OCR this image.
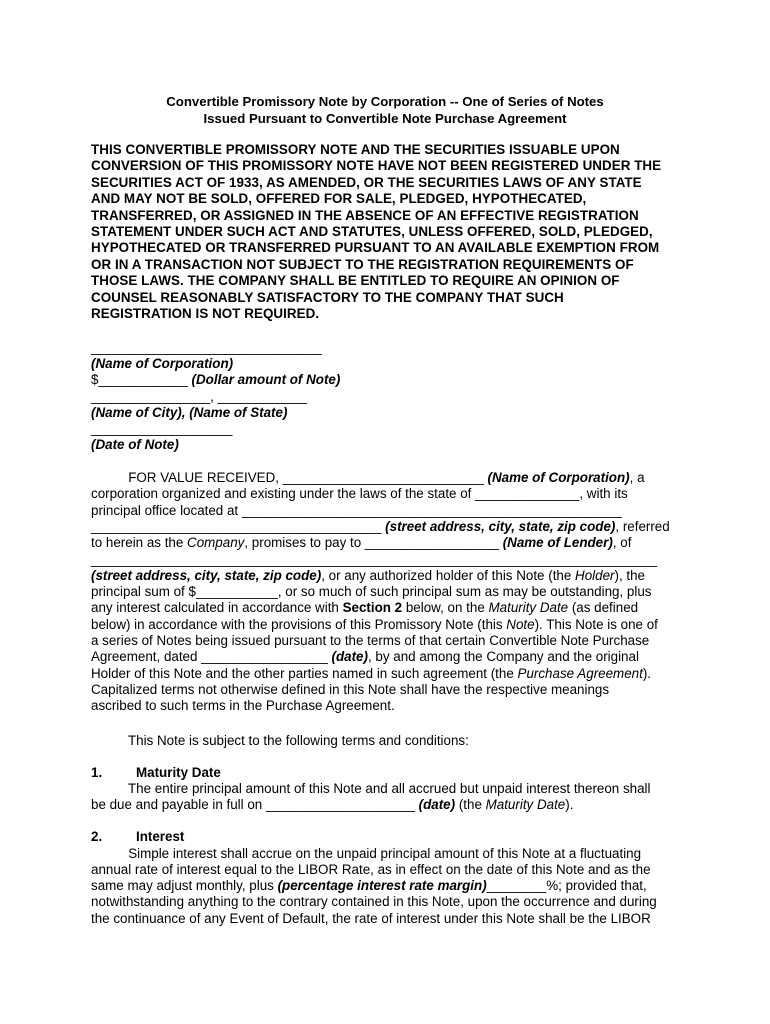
Convertible Promissory Note by Corporation -- One of Series of Notes
Issued Pursuant to Convertible Note Purchase Agreement
THIS CONVERTIBLE PROMISSORY NOTE AND THE SECURITIES ISSUABLE UPON
CONVERSION OF THIS PROMISSORY NOTE HAVE NOT BEEN REGISTERED UNDER THE
SECURITIES ACT OF 1933, AS AMENDED, OR THE SECURITIES LAWS OF ANY STATE
AND MAY NOT BE SOLD, OFFERED FOR SALE, PLEDGED, HYPOTHECATED,
TRANSFERRED, OR ASSIGNED IN THE ABSENCE OF AN EFFECTIVE REGISTRATION
STATEMENT UNDER SUCH ACT AND STATUTES, UNLESS OFFERED, SOLD, PLEDGED,
HYPOTHECATED OR TRANSFERRED PURSUANT TO AN AVAILABLE EXEMPTION FROM
OR IN A TRANSACTION NOT SUBJECT TO THE REGISTRATION REQUIREMENTS OF
THOSE LAWS. THE COMPANY SHALL BE ENTITLED TO REQUIRE AN OPINION OF
COUNSEL REASONABLY SATISFACTORY TO THE COMPANY THAT SUCH
REGISTRATION IS NOT REQUIRED.
_______________________________
(Name of Corporation)
$____________ (Dollar amount of Note)
________________, ____________
(Name of City), (Name of State)
___________________
(Date of Note)
FOR VALUE RECEIVED, ___________________________ (Name of Corporation), a
corporation organized and existing under the laws of the state of ______________, with its
principal office located at ___________________________________________________
_______________________________________ (street address, city, state, zip code), referred
to herein as the Company, promises to pay to __________________ (Name of Lender), of
____________________________________________________________________________
(street address, city, state, zip code), or any authorized holder of this Note (the Holder), the
principal sum of $___________, or so much of such principal sum as may be outstanding, plus
any interest calculated in accordance with Section 2 below, on the Maturity Date (as defined
below) in accordance with the provisions of this Promissory Note (this Note). This Note is one of
a series of Notes being issued pursuant to the terms of that certain Convertible Note Purchase
Agreement, dated _________________ (date), by and among the Company and the original
Holder of this Note and the other parties named in such agreement (the Purchase Agreement).
Capitalized terms not otherwise defined in this Note shall have the respective meanings
ascribed to such terms in the Purchase Agreement.
This Note is subject to the following terms and conditions:
1.	Maturity Date
The entire principal amount of this Note and all accrued but unpaid interest thereon shall
be due and payable in full on ____________________ (date) (the Maturity Date).
2.	Interest
Simple interest shall accrue on the unpaid principal amount of this Note at a fluctuating
annual rate of interest equal to the LIBOR Rate, as in effect on the date of this Note and as the
same may adjust monthly, plus (percentage interest rate margin)________%; provided that,
notwithstanding anything to the contrary contained in this Note, upon the occurrence and during
the continuance of any Event of Default, the rate of interest under this Note shall be the LIBOR
